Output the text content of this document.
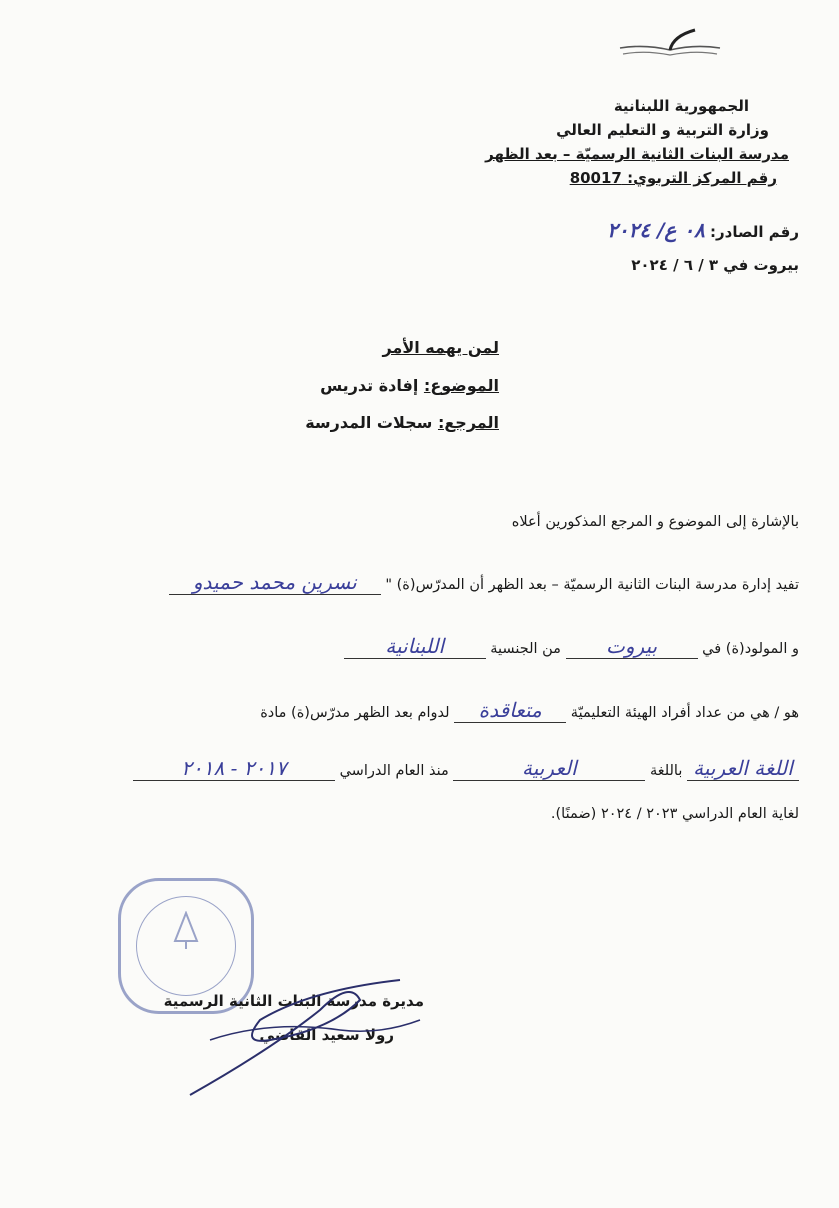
الجمهورية اللبنانية
وزارة التربية و التعليم العالي
مدرسة البنات الثانية الرسميّة – بعد الظهر
رقم المركز التربوي: 80017
رقم الصادر: ٠٨ ع/ ٢٠٢٤
بيروت في ٣ / ٦ / ٢٠٢٤
لمن يهمه الأمر
الموضوع: إفادة تدريس
المرجع: سجلات المدرسة
بالإشارة إلى الموضوع و المرجع المذكورين أعلاه
تفيد إدارة مدرسة البنات الثانية الرسميّة – بعد الظهر أن المدرّس(ة) " نسرين محمد حميدو
و المولود(ة) في بيروت من الجنسية اللبنانية
هو / هي من عداد أفراد الهيئة التعليميّة متعاقدة لدوام بعد الظهر مدرّس(ة) مادة
اللغة العربية باللغة العربية منذ العام الدراسي ٢٠١٧ - ٢٠١٨
لغاية العام الدراسي ٢٠٢٣ / ٢٠٢٤ (ضمنًا).
مديرة مدرسة البنات الثانية الرسمية
رولا سعيد القاضي
